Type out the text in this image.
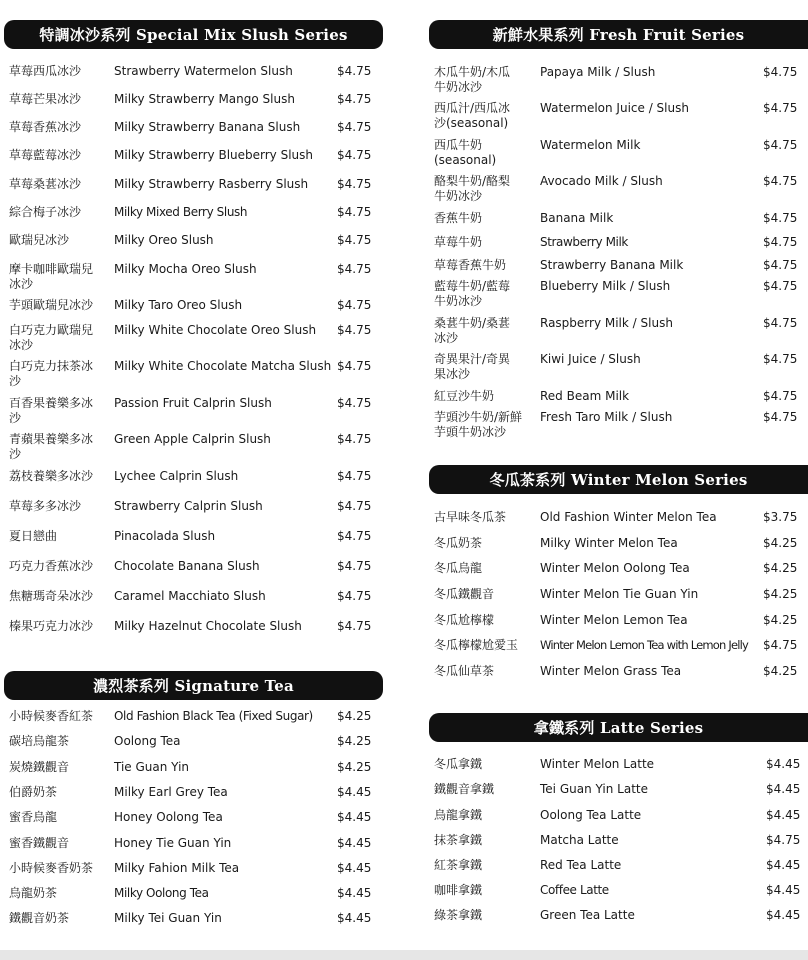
特調冰沙系列 Special Mix Slush Series
草莓西瓜冰沙	Strawberry Watermelon Slush	$4.75
草莓芒果冰沙	Milky Strawberry Mango Slush	$4.75
草莓香蕉冰沙	Milky Strawberry Banana Slush	$4.75
草莓藍莓冰沙	Milky Strawberry Blueberry Slush $4.75
草莓桑葚冰沙	Milky Strawberry Rasberry Slush $4.75
綜合梅子冰沙	Milky Mixed Berry Slush	$4.75
歐瑞兒冰沙	Milky Oreo Slush	$4.75
摩卡咖啡歐瑞兒冰沙
Milky Mocha Oreo Slush	$4.75
芋頭歐瑞兒冰沙 Milky Taro Oreo Slush	$4.75
白巧克力歐瑞兒冰沙
Milky White Chocolate Oreo Slush $4.75
白巧克力抹茶冰沙
Milky White Chocolate Matcha Slush $4.75
百香果養樂多冰沙
Passion Fruit Calprin Slush	$4.75
青蘋果養樂多冰沙
Green Apple Calprin Slush	$4.75
荔枝養樂多冰沙 Lychee Calprin Slush	$4.75
草莓多多冰沙	Strawberry Calprin Slush	$4.75
夏日戀曲	Pinacolada Slush	$4.75
巧克力香蕉冰沙 Chocolate Banana Slush	$4.75
焦糖瑪奇朵冰沙 Caramel Macchiato Slush	$4.75
榛果巧克力冰沙 Milky Hazelnut Chocolate Slush	$4.75
濃烈茶系列 Signature Tea
小時候麥香紅茶 Old Fashion Black Tea (Fixed Sugar) $4.25
碳培烏龍茶	Oolong Tea	$4.25
炭燒鐵觀音	Tie Guan Yin	$4.25
伯爵奶茶	Milky Earl Grey Tea	$4.45
蜜香烏龍	Honey Oolong Tea	$4.45
蜜香鐵觀音	Honey Tie Guan Yin	$4.45
小時候麥香奶茶 Milky Fahion Milk Tea	$4.45
烏龍奶茶	Milky Oolong Tea	$4.45
鐵觀音奶茶	Milky Tei Guan Yin	$4.45
新鮮水果系列 Fresh Fruit Series
木瓜牛奶/木瓜牛奶冰沙
Papaya Milk / Slush	$4.75
西瓜汁/西瓜冰沙(seasonal)
Watermelon Juice / Slush	$4.75
西瓜牛奶(seasonal)
Watermelon Milk	$4.75
酪梨牛奶/酪梨牛奶冰沙
Avocado Milk / Slush	$4.75
香蕉牛奶	Banana Milk	$4.75
草莓牛奶	Strawberry Milk	$4.75
草莓香蕉牛奶	Strawberry Banana Milk	$4.75
藍莓牛奶/藍莓牛奶冰沙
Blueberry Milk / Slush	$4.75
桑葚牛奶/桑葚冰沙
Raspberry Milk / Slush	$4.75
奇異果汁/奇異果冰沙
Kiwi Juice / Slush	$4.75
紅豆沙牛奶	Red Beam Milk	$4.75
芋頭沙牛奶/新鮮芋頭牛奶冰沙
Fresh Taro Milk / Slush	$4.75
冬瓜茶系列 Winter Melon Series
古早味冬瓜茶	Old Fashion Winter Melon Tea	$3.75
冬瓜奶茶	Milky Winter Melon Tea	$4.25
冬瓜烏龍	Winter Melon Oolong Tea	$4.25
冬瓜鐵觀音	Winter Melon Tie Guan Yin	$4.25
冬瓜尬檸檬	Winter Melon Lemon Tea	$4.25
冬瓜檸檬尬愛玉 Winter Melon Lemon Tea with Lemon Jelly $4.75
冬瓜仙草茶	Winter Melon Grass Tea	$4.25
拿鐵系列 Latte Series
冬瓜拿鐵	Winter Melon Latte	$4.45
鐵觀音拿鐵	Tei Guan Yin Latte	$4.45
烏龍拿鐵	Oolong Tea Latte	$4.45
抹茶拿鐵	Matcha Latte	$4.75
紅茶拿鐵	Red Tea Latte	$4.45
咖啡拿鐵	Coffee Latte	$4.45
綠茶拿鐵	Green Tea Latte	$4.45
